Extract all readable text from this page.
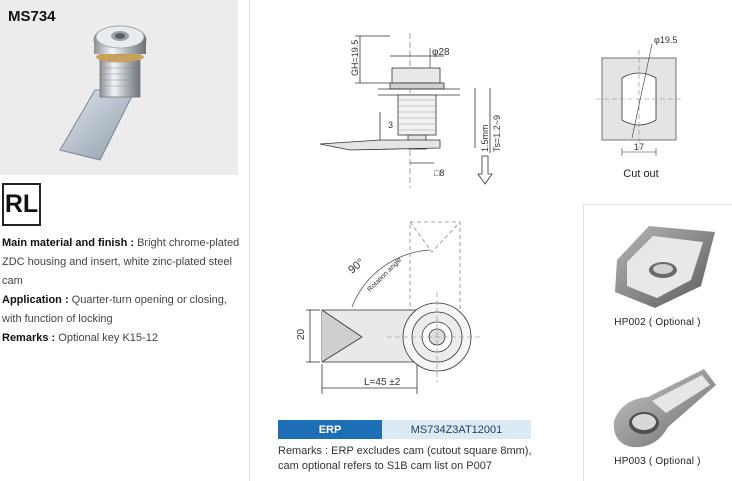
MS734
RL
Main material and finish : Bright chrome-plated ZDC housing and insert, white zinc-plated steel cam
Application : Quarter-turn opening or closing, with function of locking
Remarks : Optional key K15-12
φ28
GH=19.5
3	1.5mm Ts=1.2~9
□8
φ19.5
17
Cut out
90° Rotation angle
20
L=45 ±2
ERP	MS734Z3AT12001
Remarks : ERP excludes cam (cutout square 8mm),
cam optional refers to S1B cam list on P007
HP002 ( Optional )
HP003 ( Optional )
